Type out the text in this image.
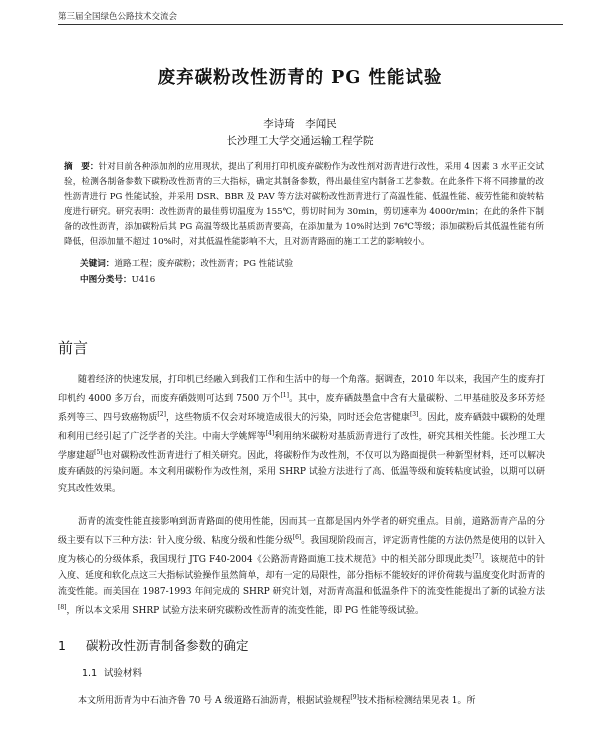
第三届全国绿色公路技术交流会
废弃碳粉改性沥青的 PG 性能试验
李诗琦　李闻民
长沙理工大学交通运输工程学院
摘　要：针对目前各种添加剂的应用现状，提出了利用打印机废弃碳粉作为改性剂对沥青进行改性，采用 4 因素 3 水平正交试验，检测各制备参数下碳粉改性沥青的三大指标，确定其制备参数，得出最佳室内制备工艺参数。在此条件下将不同掺量的改性沥青进行 PG 性能试验，并采用 DSR、BBR 及 PAV 等方法对碳粉改性沥青进行了高温性能、低温性能、疲劳性能和旋转粘度进行研究。研究表明：改性沥青的最佳剪切温度为 155℃，剪切时间为 30min，剪切速率为 4000r/min；在此的条件下制备的改性沥青，添加碳粉后其 PG 高温等级比基质沥青要高，在添加量为 10%时达到 76℃等级；添加碳粉后其低温性能有所降低，但添加量不超过 10%时，对其低温性能影响不大，且对沥青路面的施工工艺的影响较小。
关键词：道路工程；废弃碳粉；改性沥青；PG 性能试验
中图分类号：U416
前言
随着经济的快速发展，打印机已经融入到我们工作和生活中的每一个角落。据调查，2010 年以来，我国产生的废弃打印机约 4000 多万台，而废弃硒鼓则可达到 7500 万个[1]。其中，废弃硒鼓墨盒中含有大量碳粉、二甲基硅胶及多环芳烃系列等三、四号致癌物质[2]，这些物质不仅会对环境造成很大的污染，同时还会危害健康[3]。因此，废弃硒鼓中碳粉的处理和利用已经引起了广泛学者的关注。中南大学姚辉等[4]利用纳米碳粉对基质沥青进行了改性，研究其相关性能。长沙理工大学廖建超[5]也对碳粉改性沥青进行了相关研究。因此，将碳粉作为改性剂，不仅可以为路面提供一种新型材料，还可以解决废弃硒鼓的污染问题。本文利用碳粉作为改性剂，采用 SHRP 试验方法进行了高、低温等级和旋转粘度试验，以期可以研究其改性效果。
沥青的流变性能直接影响到沥青路面的使用性能，因而其一直都是国内外学者的研究重点。目前，道路沥青产品的分级主要有以下三种方法：针入度分级、粘度分级和性能分级[6]。我国现阶段而言，评定沥青性能的方法仍然是使用的以针入度为核心的分级体系，我国现行 JTG F40-2004《公路沥青路面施工技术规范》中的相关部分即现此类[7]。该规范中的针入度、延度和软化点这三大指标试验操作虽然简单，却有一定的局限性，部分指标不能较好的评价荷载与温度变化时沥青的流变性能。而美国在 1987-1993 年间完成的 SHRP 研究计划，对沥青高温和低温条件下的流变性能提出了新的试验方法[8]，所以本文采用 SHRP 试验方法来研究碳粉改性沥青的流变性能，即 PG 性能等级试验。
1 碳粉改性沥青制备参数的确定
1.1 试验材料
本文所用沥青为中石油齐鲁 70 号 A 级道路石油沥青，根据试验规程[9]技术指标检测结果见表 1。所
